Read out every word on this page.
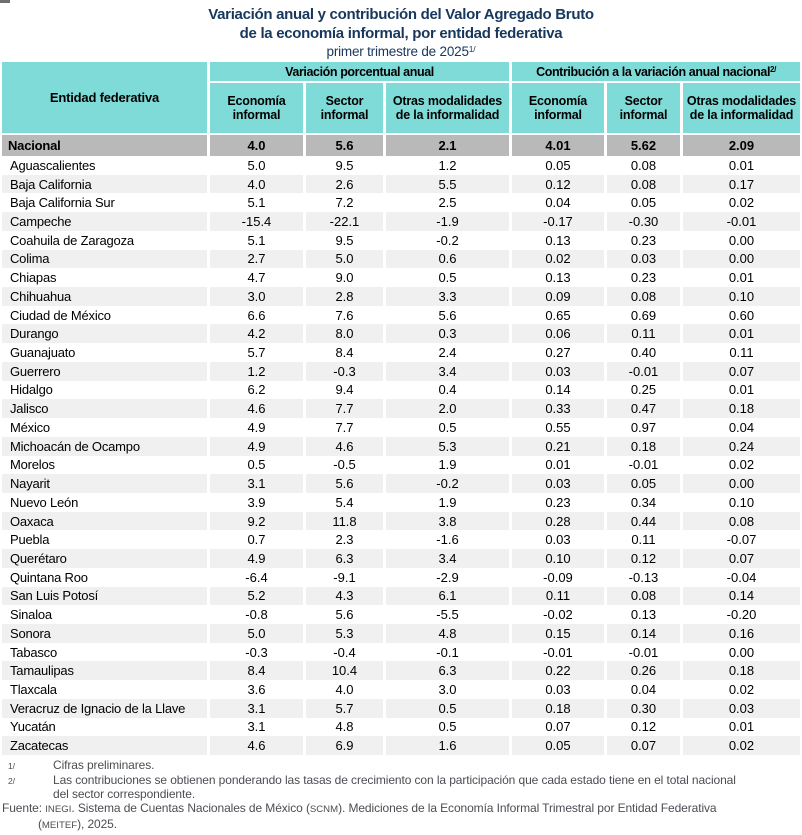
Variación anual y contribución del Valor Agregado Bruto
de la economía informal, por entidad federativa
primer trimestre de $2025^{1/}$
Entidad federativa	Variación porcentual anual			Contribución a la variación anual nacional$^{2/}$
	Economía informal	Sector informal	Otras modalidades de la informalidad	Economía informal	Sector informal	Otras modalidades de la informalidad
Nacional	4.0	5.6	2.1	4.01	5.62	2.09
Aguascalientes	5.0	9.5	1.2	0.05	0.08	0.01
Baja California	4.0	2.6	5.5	0.12	0.08	0.17
Baja California Sur	5.1	7.2	2.5	0.04	0.05	0.02
Campeche	-15.4	-22.1	-1.9	-0.17	-0.30	-0.01
Coahuila de Zaragoza	5.1	9.5	-0.2	0.13	0.23	0.00
Colima	2.7	5.0	0.6	0.02	0.03	0.00
Chiapas	4.7	9.0	0.5	0.13	0.23	0.01
Chihuahua	3.0	2.8	3.3	0.09	0.08	0.10
Ciudad de México	6.6	7.6	5.6	0.65	0.69	0.60
Durango	4.2	8.0	0.3	0.06	0.11	0.01
Guanajuato	5.7	8.4	2.4	0.27	0.40	0.11
Guerrero	1.2	-0.3	3.4	0.03	-0.01	0.07
Hidalgo	6.2	9.4	0.4	0.14	0.25	0.01
Jalisco	4.6	7.7	2.0	0.33	0.47	0.18
México	4.9	7.7	0.5	0.55	0.97	0.04
Michoacán de Ocampo	4.9	4.6	5.3	0.21	0.18	0.24
Morelos	0.5	-0.5	1.9	0.01	-0.01	0.02
Nayarit	3.1	5.6	-0.2	0.03	0.05	0.00
Nuevo León	3.9	5.4	1.9	0.23	0.34	0.10
Oaxaca	9.2	11.8	3.8	0.28	0.44	0.08
Puebla	0.7	2.3	-1.6	0.03	0.11	-0.07
Querétaro	4.9	6.3	3.4	0.10	0.12	0.07
Quintana Roo	-6.4	-9.1	-2.9	-0.09	-0.13	-0.04
San Luis Potosí	5.2	4.3	6.1	0.11	0.08	0.14
Sinaloa	-0.8	5.6	-5.5	-0.02	0.13	-0.20
Sonora	5.0	5.3	4.8	0.15	0.14	0.16
Tabasco	-0.3	-0.4	-0.1	-0.01	-0.01	0.00
Tamaulipas	8.4	10.4	6.3	0.22	0.26	0.18
Tlaxcala	3.6	4.0	3.0	0.03	0.04	0.02
Veracruz de Ignacio de la Llave	3.1	5.7	0.5	0.18	0.30	0.03
Yucatán	3.1	4.8	0.5	0.07	0.12	0.01
Zacatecas	4.6	6.9	1.6	0.05	0.07	0.02
1/	Cifras preliminares.
2/	Las contribuciones se obtienen ponderando las tasas de crecimiento con la participación que cada estado tiene en el total nacional
del sector correspondiente.
Fuente: INEGI. Sistema de Cuentas Nacionales de México (SCNM). Mediciones de la Economía Informal Trimestral por Entidad Federativa
(MEITEF), 2025.
